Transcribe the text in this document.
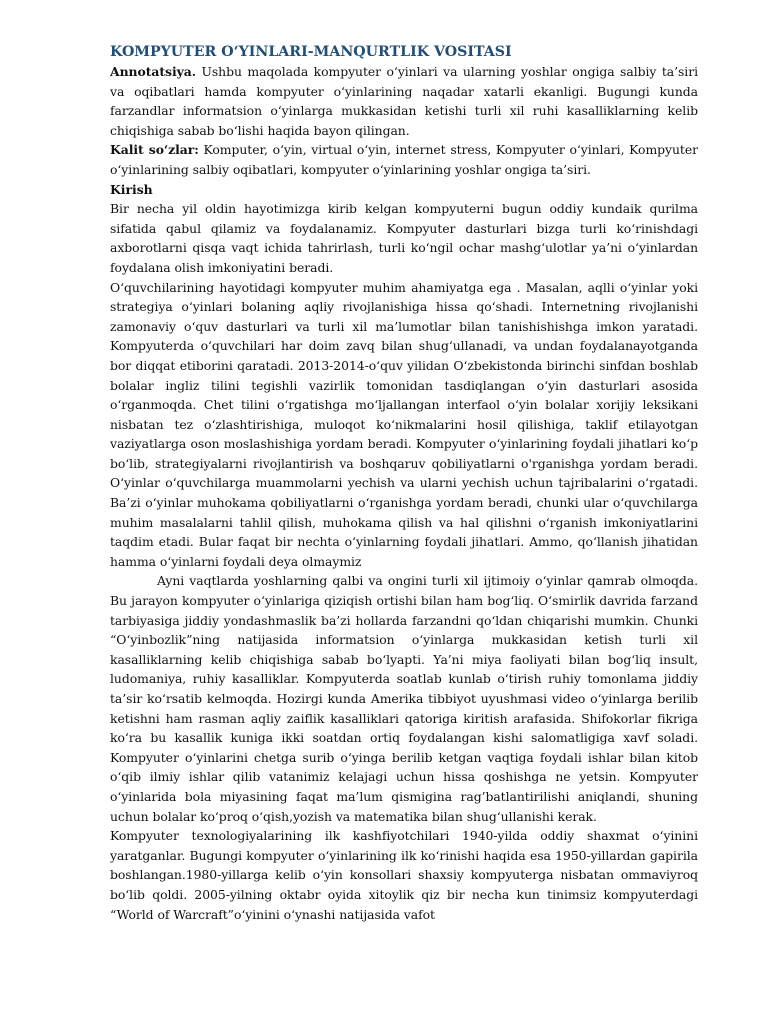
KOMPYUTER O‘YINLARI-MANQURTLIK VOSITASI

Annotatsiya. Ushbu maqolada kompyuter o‘yinlari va ularning yoshlar ongiga salbiy ta’siri va oqibatlari hamda kompyuter o‘yinlarining naqadar xatarli ekanligi. Bugungi kunda farzandlar informatsion o‘yinlarga mukkasidan ketishi turli xil ruhi kasalliklarning kelib chiqishiga sabab bo‘lishi haqida bayon qilingan.

Kalit so‘zlar: Komputer, o‘yin, virtual o‘yin, internet stress, Kompyuter o‘yinlari, Kompyuter o‘yinlarining salbiy oqibatlari, kompyuter o‘yinlarining yoshlar ongiga ta’siri.

Kirish

Bir necha yil oldin hayotimizga kirib kelgan kompyuterni bugun oddiy kundaik qurilma sifatida qabul qilamiz va foydalanamiz. Kompyuter dasturlari bizga turli ko‘rinishdagi axborotlarni qisqa vaqt ichida tahrirlash, turli ko‘ngil ochar mashg‘ulotlar ya’ni o‘yinlardan foydalana olish imkoniyatini beradi.

O‘quvchilarining hayotidagi kompyuter muhim ahamiyatga ega . Masalan, aqlli o‘yinlar yoki strategiya o‘yinlari bolaning aqliy rivojlanishiga hissa qo‘shadi. Internetning rivojlanishi zamonaviy o‘quv dasturlari va turli xil ma’lumotlar bilan tanishishishga imkon yaratadi. Kompyuterda o‘quvchilari har doim zavq bilan shug‘ullanadi, va undan foydalanayotganda bor diqqat etiborini qaratadi. 2013-2014-o‘quv yilidan O‘zbekistonda birinchi sinfdan boshlab bolalar ingliz tilini tegishli vazirlik tomonidan tasdiqlangan o‘yin dasturlari asosida o‘rganmoqda. Chet tilini o‘rgatishga mo‘ljallangan interfaol o‘yin bolalar xorijiy leksikani nisbatan tez o‘zlashtirishiga, muloqot ko‘nikmalarini hosil qilishiga, taklif etilayotgan vaziyatlarga oson moslashishiga yordam beradi. Kompyuter o‘yinlarining foydali jihatlari ko‘p bo‘lib, strategiyalarni rivojlantirish va boshqaruv qobiliyatlarni o'rganishga yordam beradi. O‘yinlar o‘quvchilarga muammolarni yechish va ularni yechish uchun tajribalarini o‘rgatadi. Ba’zi o‘yinlar muhokama qobiliyatlarni o‘rganishga yordam beradi, chunki ular o‘quvchilarga muhim masalalarni tahlil qilish, muhokama qilish va hal qilishni o‘rganish imkoniyatlarini taqdim etadi. Bular faqat bir nechta o‘yinlarning foydali jihatlari. Ammo, qo‘llanish jihatidan hamma o‘yinlarni foydali deya olmaymiz

Ayni vaqtlarda yoshlarning qalbi va ongini turli xil ijtimoiy o‘yinlar qamrab olmoqda. Bu jarayon kompyuter o‘yinlariga qiziqish ortishi bilan ham bog‘liq. O‘smirlik davrida farzand tarbiyasiga jiddiy yondashmaslik ba’zi hollarda farzandni qo‘ldan chiqarishi mumkin. Chunki “O‘yinbozlik”ning natijasida informatsion o‘yinlarga mukkasidan ketish turli xil kasalliklarning kelib chiqishiga sabab bo‘lyapti. Ya’ni miya faoliyati bilan bog‘liq insult, ludomaniya, ruhiy kasalliklar. Kompyuterda soatlab kunlab o‘tirish ruhiy tomonlama jiddiy ta’sir ko‘rsatib kelmoqda. Hozirgi kunda Amerika tibbiyot uyushmasi video o‘yinlarga berilib ketishni ham rasman aqliy zaiflik kasalliklari qatoriga kiritish arafasida. Shifokorlar fikriga ko‘ra bu kasallik kuniga ikki soatdan ortiq foydalangan kishi salomatligiga xavf soladi. Kompyuter o‘yinlarini chetga surib o‘yinga berilib ketgan vaqtiga foydali ishlar bilan kitob o‘qib ilmiy ishlar qilib vatanimiz kelajagi uchun hissa qoshishga ne yetsin. Kompyuter o‘yinlarida bola miyasining faqat ma’lum qismigina rag’batlantirilishi aniqlandi, shuning uchun bolalar ko‘proq o‘qish,yozish va matematika bilan shug‘ullanishi kerak.

Kompyuter texnologiyalarining ilk kashfiyotchilari 1940-yilda oddiy shaxmat o‘yinini yaratganlar. Bugungi kompyuter o‘yinlarining ilk ko‘rinishi haqida esa 1950-yillardan gapirila boshlangan.1980-yillarga kelib o‘yin konsollari shaxsiy kompyuterga nisbatan ommaviyroq bo‘lib qoldi. 2005-yilning oktabr oyida xitoylik qiz bir necha kun tinimsiz kompyuterdagi “World of Warcraft”o‘yinini o‘ynashi natijasida vafot
